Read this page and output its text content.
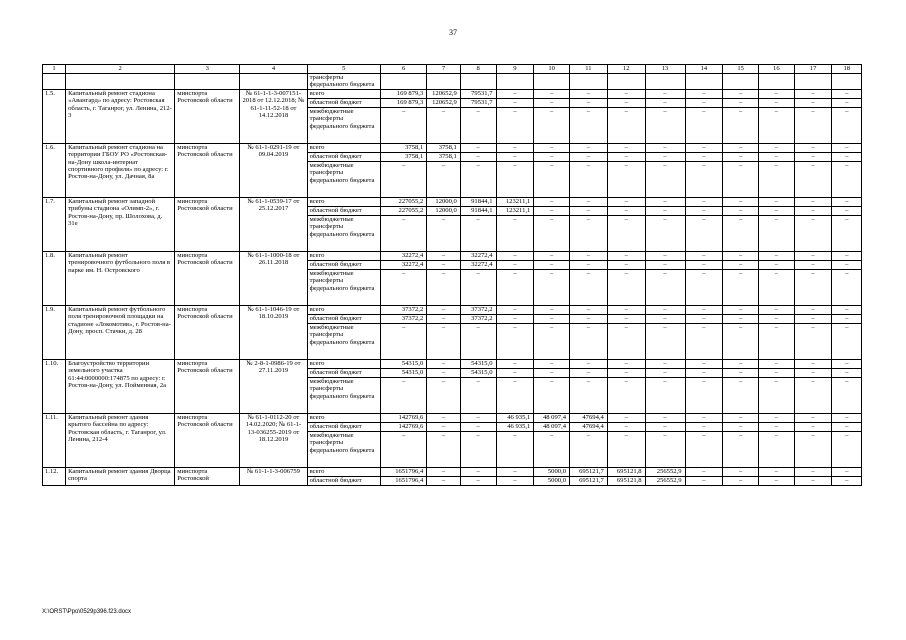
37
1	2	3	4	5	6	7	8	9	10	11	12	13	14	15	16	17	18
				трансферты федерального бюджета													
1.5.	Капитальный ремонт стадиона «Авангард» по адресу: Ростовская область, г. Таганрог, ул. Ленина, 212-3	минспорта Ростовской области	№ 61-1-1-3-007151-2018 от 12.12.2018; № 61-1-11-52-18 от 14.12.2018	всего	169 879,3	120652,9	79531,7	–	–	–	–	–	–	–	–	–	–
				областной бюджет	169 879,3	120652,9	79531,7	–	–	–	–	–	–	–	–	–	–
				межбюджетные трансферты федерального бюджета	–	–	–	–	–	–	–	–	–	–	–	–	–
1.6.	Капитальный ремонт стадиона на территории ГБОУ РО «Ростовская-на-Дону школа-интернат спортивного профиля» по адресу: г. Ростов-на-Дону, ул. Дачная, 8а	минспорта Ростовской области	№ 61-1-0291-19 от 09.04.2019	всего	3758,1	3758,1	–	–	–	–	–	–	–	–	–	–	–
				областной бюджет	3758,1	3758,1	–	–	–	–	–	–	–	–	–	–	–
				межбюджетные трансферты федерального бюджета	–	–	–	–	–	–	–	–	–	–	–	–	–
1.7.	Капитальный ремонт западной трибуны стадиона «Олимп-2», г. Ростов-на-Дону, пр. Шолохова, д. 31е	минспорта Ростовской области	№ 61-1-0539-17 от 25.12.2017	всего	227055,2	12000,0	91844,1	123211,1	–	–	–	–	–	–	–	–	–
				областной бюджет	227055,2	12000,0	91844,1	123211,1	–	–	–	–	–	–	–	–	–
				межбюджетные трансферты федерального бюджета	–	–	–	–	–	–	–	–	–	–	–	–	–
1.8.	Капитальный ремонт тренировочного футбольного поля в парке им. Н. Островского	минспорта Ростовской области	№ 61-1-1000-18 от 26.11.2018	всего	32272,4	–	32272,4	–	–	–	–	–	–	–	–	–	–
				областной бюджет	32272,4	–	32272,4	–	–	–	–	–	–	–	–	–	–
				межбюджетные трансферты федерального бюджета	–	–	–	–	–	–	–	–	–	–	–	–	–
1.9.	Капитальный ремонт футбольного поля тренировочной площадки на стадионе «Локомотив», г. Ростов-на-Дону, просп. Стачки, д. 28	минспорта Ростовской области	№ 61-1-1046-19 от 18.10.2019	всего	37372,2	–	37372,2	–	–	–	–	–	–	–	–	–	–
				областной бюджет	37372,2	–	37372,2	–	–	–	–	–	–	–	–	–	–
				межбюджетные трансферты федерального бюджета	–	–	–	–	–	–	–	–	–	–	–	–	–
1.10.	Благоустройство территории земельного участка 61:44:0000000:174875 по адресу: г. Ростов-на-Дону, ул. Пойменная, 2а	минспорта Ростовской области	№ 2-8-1-0986-19 от 27.11.2019	всего	54315,0	–	54315,0	–	–	–	–	–	–	–	–	–	–
				областной бюджет	54315,0	–	54315,0	–	–	–	–	–	–	–	–	–	–
				межбюджетные трансферты федерального бюджета	–	–	–	–	–	–	–	–	–	–	–	–	–
1.11.	Капитальный ремонт здания крытого бассейна по адресу: Ростовская область, г. Таганрог, ул. Ленина, 212-4	минспорта Ростовской области	№ 61-1-0112-20 от 14.02.2020; № 61-1-13-036255-2019 от 18.12.2019	всего	142769,6	–	–	46 935,1	48 097,4	47694,4	–	–	–	–	–	–	–
				областной бюджет	142769,6	–	–	46 935,1	48 097,4	47694,4	–	–	–	–	–	–	–
				межбюджетные трансферты федерального бюджета	–	–	–	–	–	–	–	–	–	–	–	–	–
1.12.	Капитальный ремонт здания Дворца спорта	минспорта Ростовской	№ 61-1-1-3-006759	всего	1651796,4	–	–	–	5000,0	695121,7	695121,8	256552,9	–	–	–	–	–
				областной бюджет	1651796,4	–	–	–	5000,0	695121,7	695121,8	256552,9	–	–	–	–	–
X:\ORST\Ppo\0529p396.f23.docx
